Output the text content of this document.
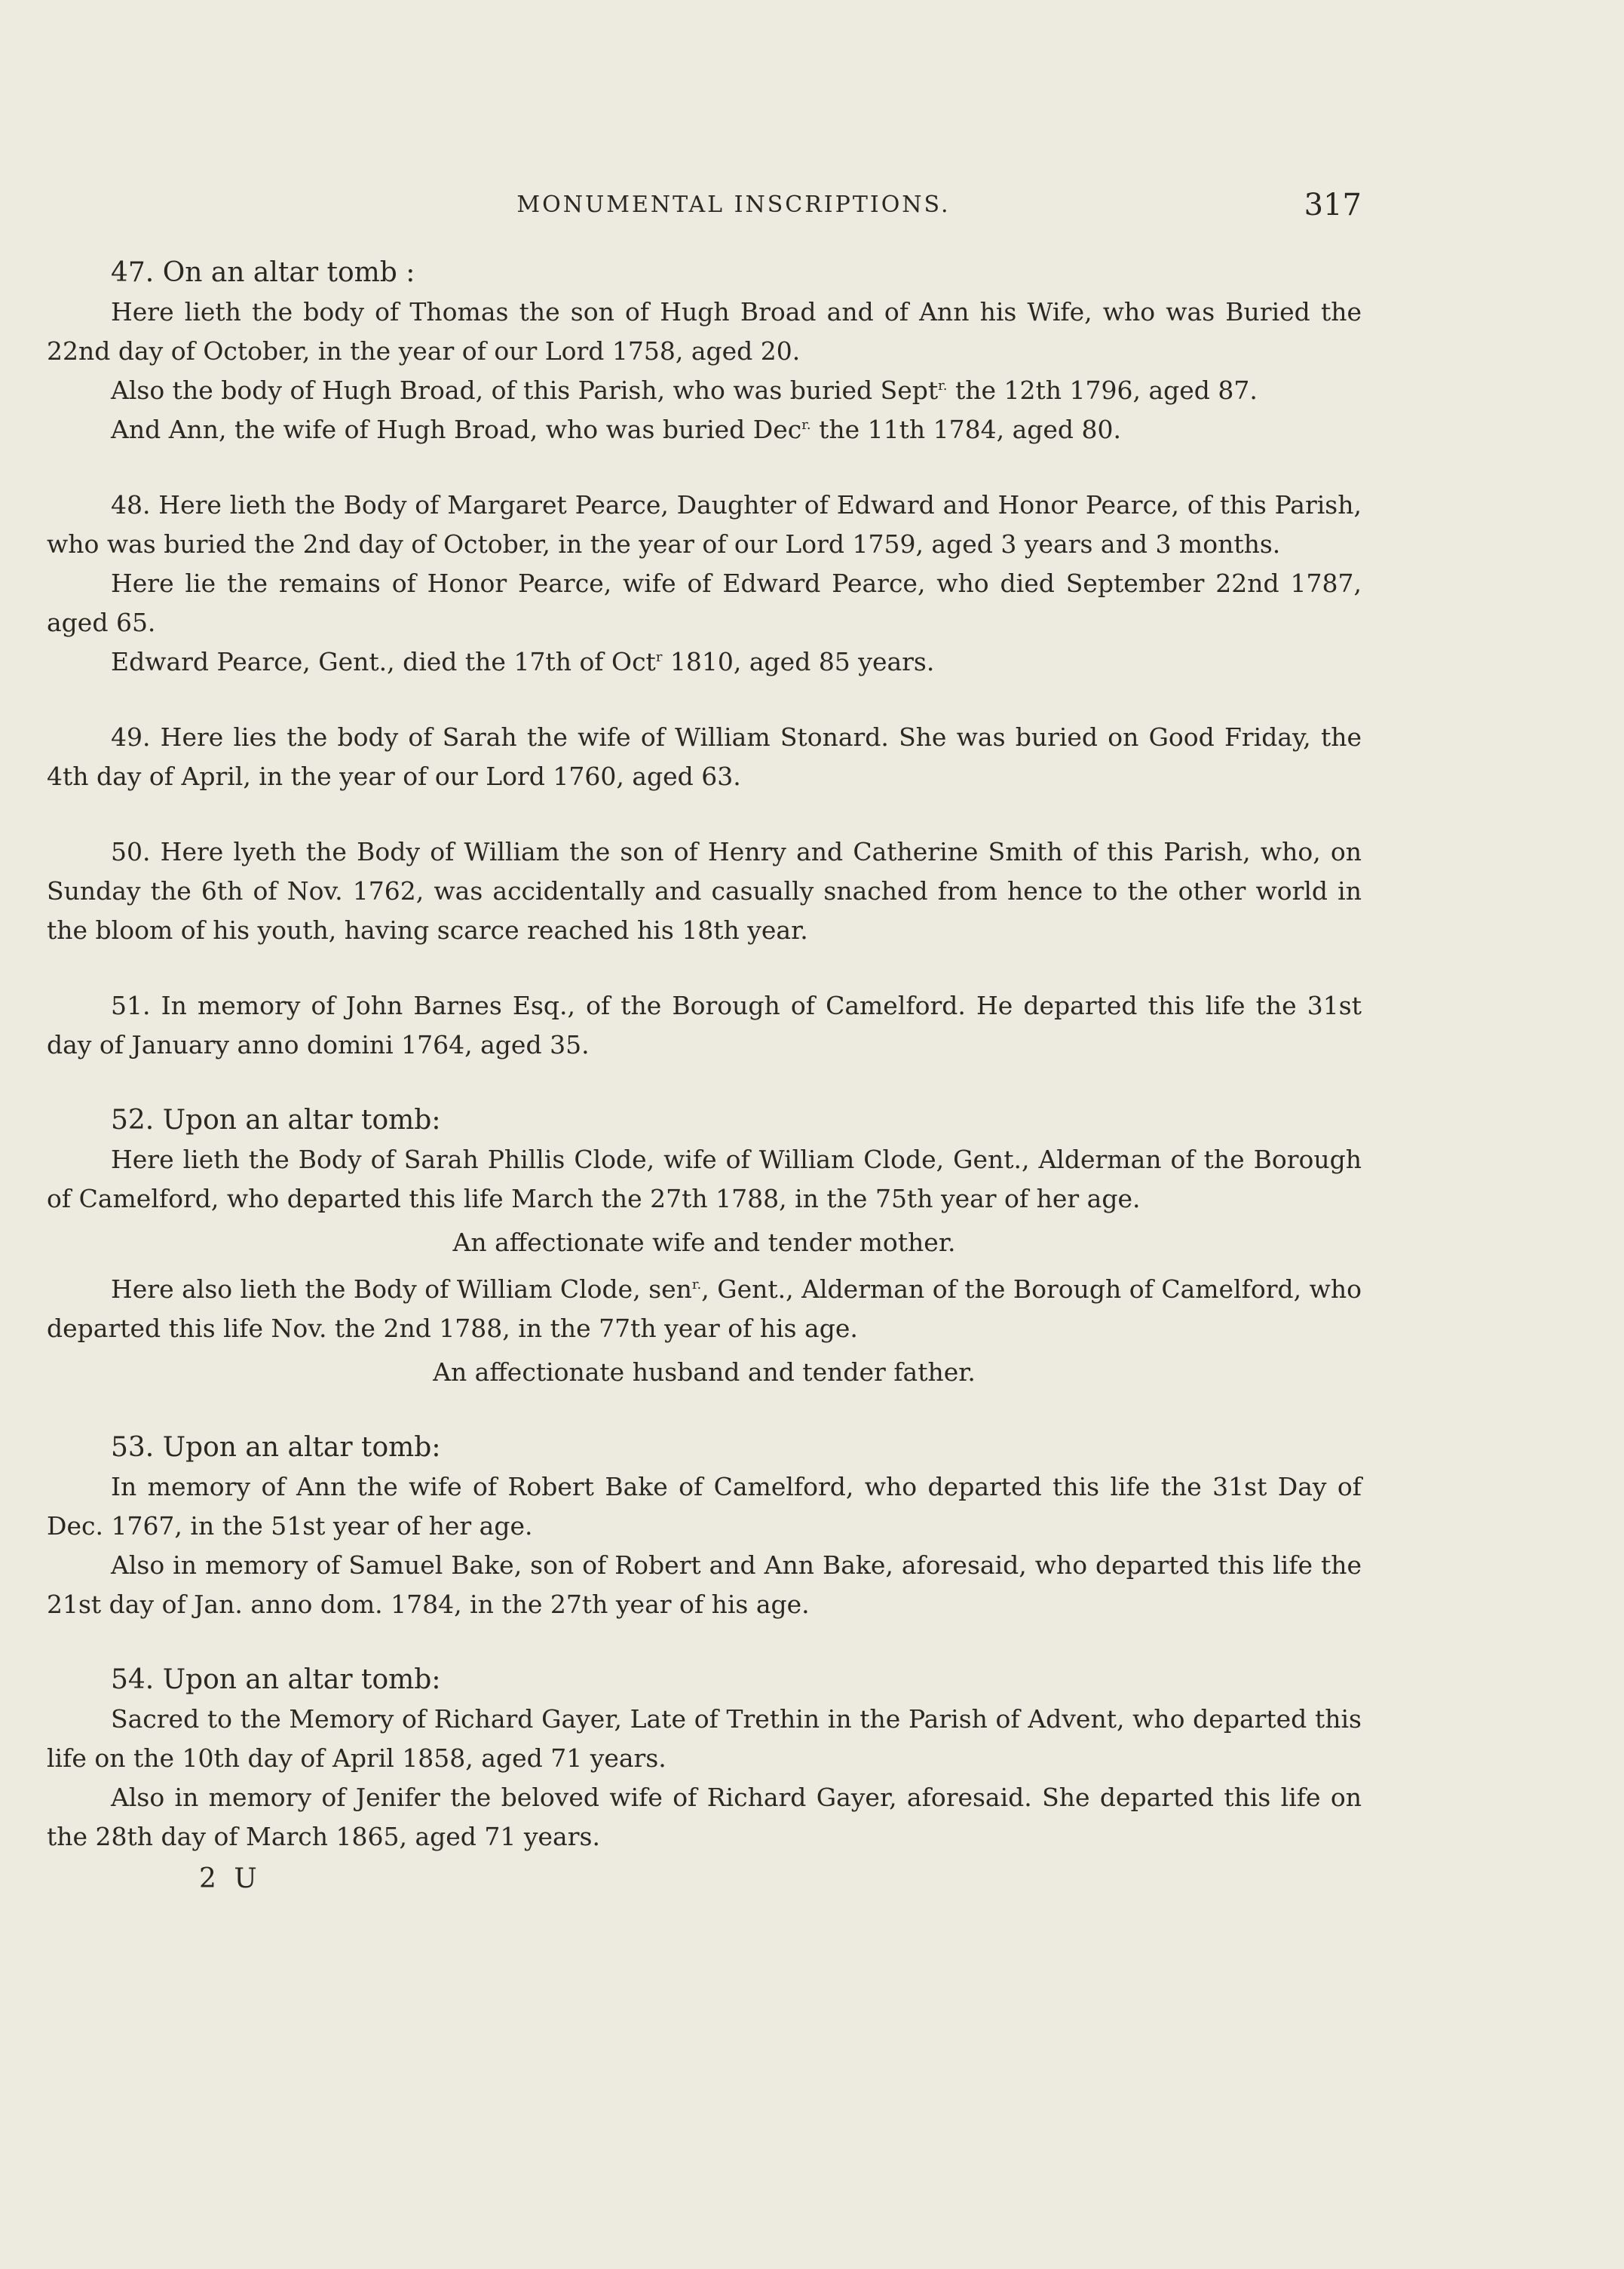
MONUMENTAL INSCRIPTIONS.	317
47. On an altar tomb :

Here lieth the body of Thomas the son of Hugh Broad and of Ann his Wife, who was Buried the 22nd day of October, in the year of our Lord 1758, aged 20.

Also the body of Hugh Broad, of this Parish, who was buried Sept$^{r.}$ the 12th 1796, aged 87.

And Ann, the wife of Hugh Broad, who was buried Dec$^{r.}$ the 11th 1784, aged 80.

48. Here lieth the Body of Margaret Pearce, Daughter of Edward and Honor Pearce, of this Parish, who was buried the 2nd day of October, in the year of our Lord 1759, aged 3 years and 3 months.

Here lie the remains of Honor Pearce, wife of Edward Pearce, who died September 22nd 1787, aged 65.

Edward Pearce, Gent., died the 17th of Oct$^r$ 1810, aged 85 years.

49. Here lies the body of Sarah the wife of William Stonard. She was buried on Good Friday, the 4th day of April, in the year of our Lord 1760, aged 63.

50. Here lyeth the Body of William the son of Henry and Catherine Smith of this Parish, who, on Sunday the 6th of Nov. 1762, was accidentally and casually snached from hence to the other world in the bloom of his youth, having scarce reached his 18th year.

51. In memory of John Barnes Esq., of the Borough of Camelford. He departed this life the 31st day of January anno domini 1764, aged 35.

52. Upon an altar tomb:

Here lieth the Body of Sarah Phillis Clode, wife of William Clode, Gent., Alderman of the Borough of Camelford, who departed this life March the 27th 1788, in the 75th year of her age.

An affectionate wife and tender mother.

Here also lieth the Body of William Clode, sen$^{r.}$, Gent., Alderman of the Borough of Camelford, who departed this life Nov. the 2nd 1788, in the 77th year of his age.

An affectionate husband and tender father.

53. Upon an altar tomb:

In memory of Ann the wife of Robert Bake of Camelford, who departed this life the 31st Day of Dec. 1767, in the 51st year of her age.

Also in memory of Samuel Bake, son of Robert and Ann Bake, aforesaid, who departed this life the 21st day of Jan. anno dom. 1784, in the 27th year of his age.

54. Upon an altar tomb:

Sacred to the Memory of Richard Gayer, Late of Trethin in the Parish of Advent, who departed this life on the 10th day of April 1858, aged 71 years.

Also in memory of Jenifer the beloved wife of Richard Gayer, aforesaid. She departed this life on the 28th day of March 1865, aged 71 years.

2 U
